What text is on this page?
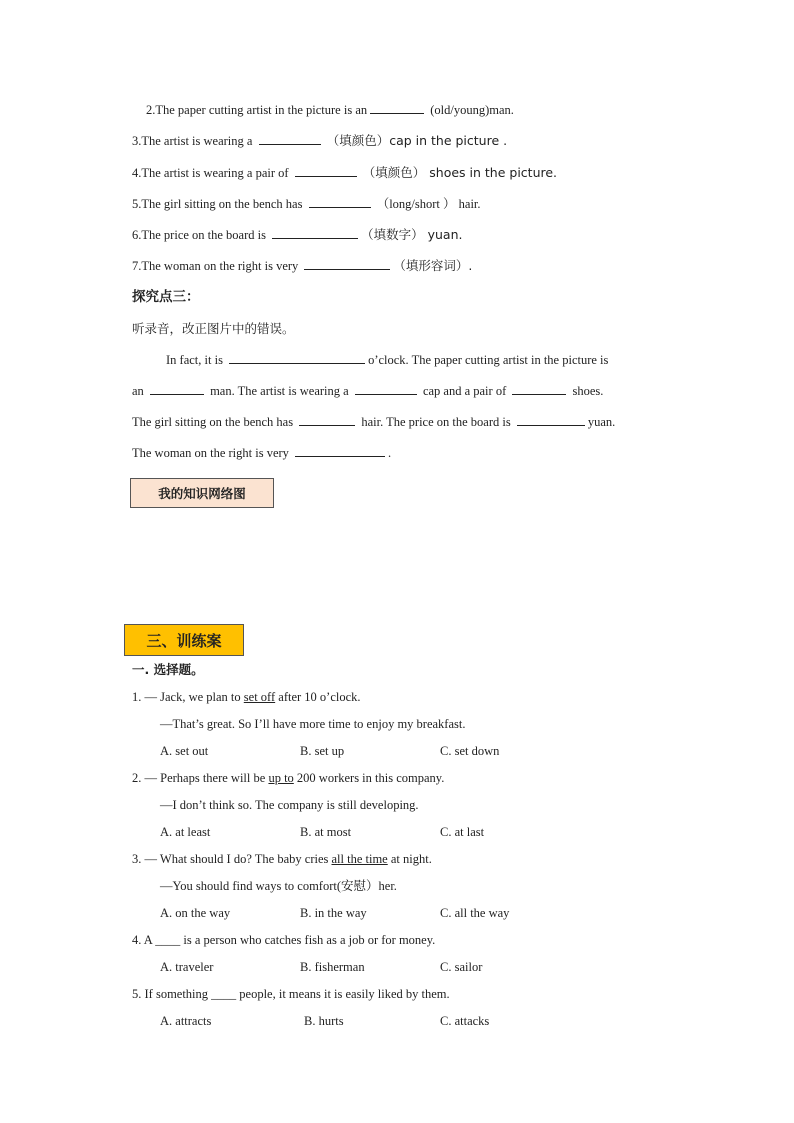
2.The paper cutting artist in the picture is an	(old/young)man.
3.The artist is wearing a	（填颜色）cap in the picture .
4.The artist is wearing a pair of	（填颜色） shoes in the picture.
5.The girl sitting on the bench has	（long/short ） hair.
6.The price on the board is	（填数字） yuan.
7.The woman on the right is very	（填形容词）.
探究点三：
听录音，改正图片中的错误。
In fact, it is	o’clock. The paper cutting artist in the picture is
an	man. The artist is wearing a	cap and a pair of	shoes.
The girl sitting on the bench has	hair. The price on the board is	yuan.
The woman on the right is very	.
我的知识网络图
三、训练案
一. 选择题。
1. — Jack, we plan to set off after 10 o’clock.
—That’s great. So I’ll have more time to enjoy my breakfast.
A. set out	B. set up	C. set down
2. — Perhaps there will be up to 200 workers in this company.
—I don’t think so. The company is still developing.
A. at least	B. at most	C. at last
3. — What should I do? The baby cries all the time at night.
—You should find ways to comfort(安慰）her.
A. on the way	B. in the way	C. all the way
4. A ____ is a person who catches fish as a job or for money.
A. traveler	B. fisherman	C. sailor
5. If something ____ people, it means it is easily liked by them.
A. attracts	B. hurts	C. attacks
